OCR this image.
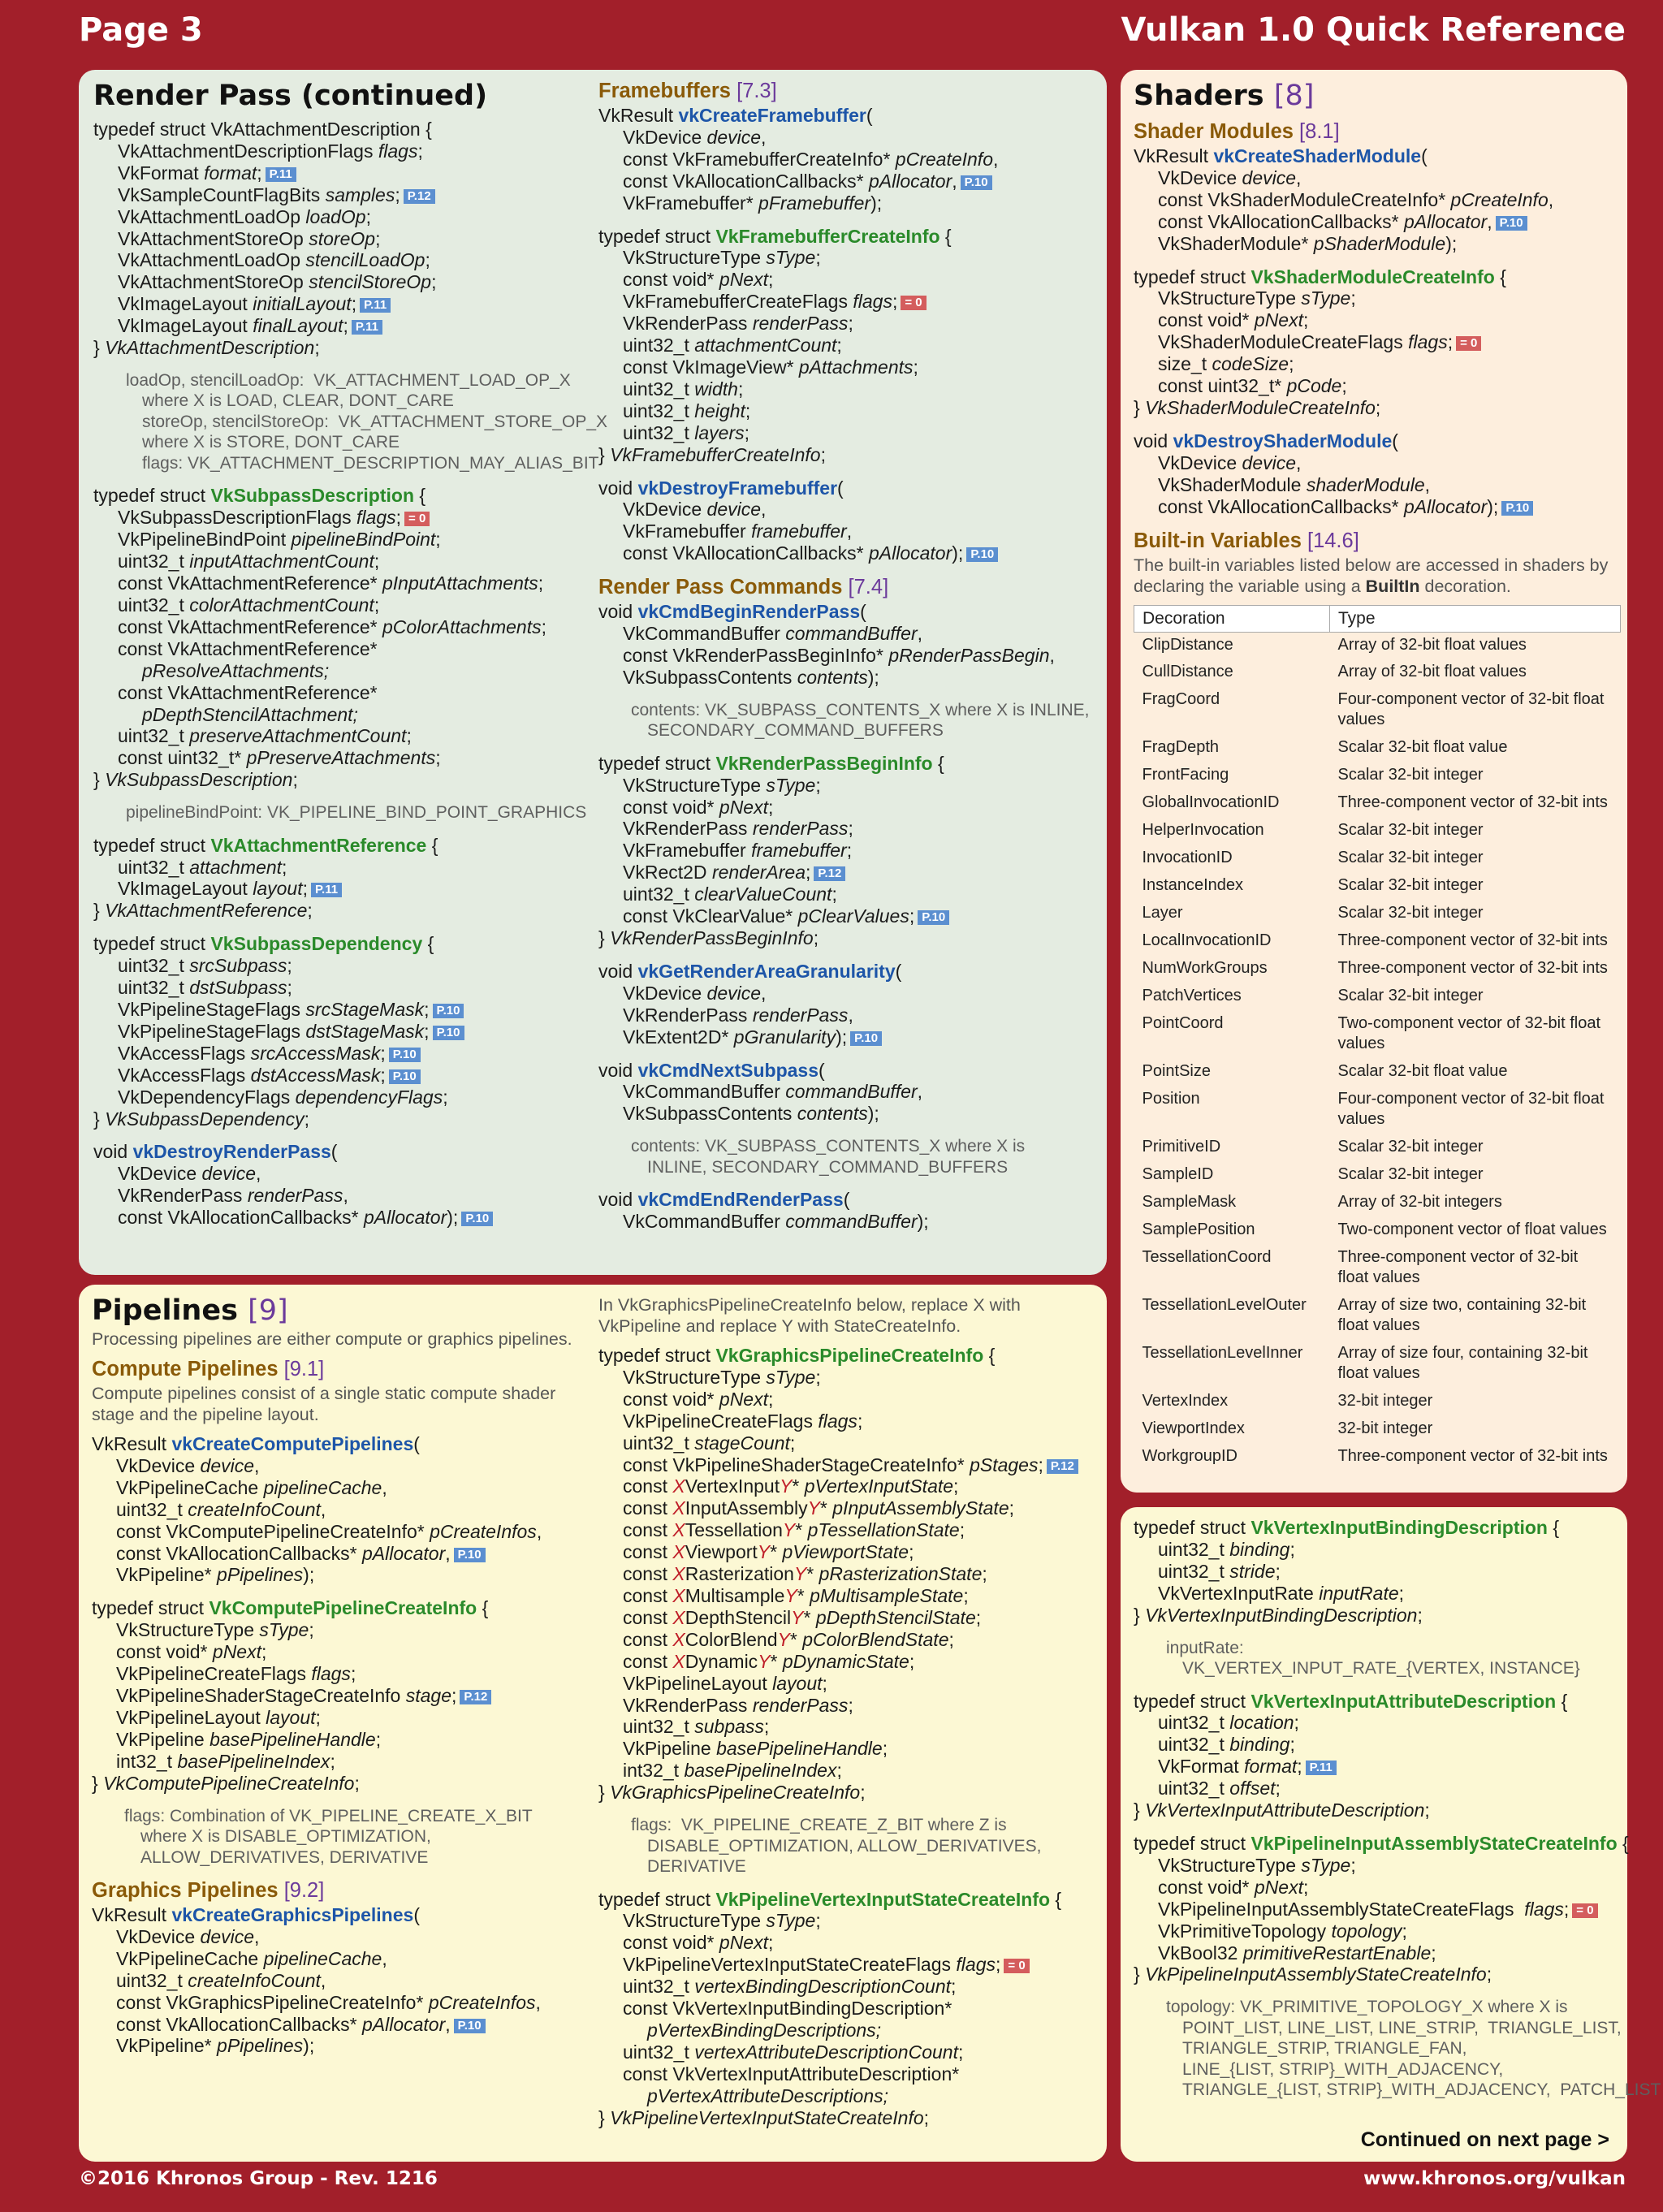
Page 3	Vulkan 1.0 Quick Reference
Render Pass (continued)
typedef struct VkAttachmentDescription {
VkAttachmentDescriptionFlags flags;
VkFormat format; P.11
VkSampleCountFlagBits samples; P.12
VkAttachmentLoadOp loadOp;
VkAttachmentStoreOp storeOp;
VkAttachmentLoadOp stencilLoadOp;
VkAttachmentStoreOp stencilStoreOp;
VkImageLayout initialLayout; P.11
VkImageLayout finalLayout; P.11
} VkAttachmentDescription;
loadOp, stencilLoadOp:  VK_ATTACHMENT_LOAD_OP_X
where X is LOAD, CLEAR, DONT_CARE
storeOp, stencilStoreOp:  VK_ATTACHMENT_STORE_OP_X
where X is STORE, DONT_CARE
flags: VK_ATTACHMENT_DESCRIPTION_MAY_ALIAS_BIT
typedef struct VkSubpassDescription {
VkSubpassDescriptionFlags flags; = 0
VkPipelineBindPoint pipelineBindPoint;
uint32_t inputAttachmentCount;
const VkAttachmentReference* pInputAttachments;
uint32_t colorAttachmentCount;
const VkAttachmentReference* pColorAttachments;
const VkAttachmentReference*
pResolveAttachments;
const VkAttachmentReference*
pDepthStencilAttachment;
uint32_t preserveAttachmentCount;
const uint32_t* pPreserveAttachments;
} VkSubpassDescription;
pipelineBindPoint: VK_PIPELINE_BIND_POINT_GRAPHICS
typedef struct VkAttachmentReference {
uint32_t attachment;
VkImageLayout layout; P.11
} VkAttachmentReference;
typedef struct VkSubpassDependency {
uint32_t srcSubpass;
uint32_t dstSubpass;
VkPipelineStageFlags srcStageMask; P.10
VkPipelineStageFlags dstStageMask; P.10
VkAccessFlags srcAccessMask; P.10
VkAccessFlags dstAccessMask; P.10
VkDependencyFlags dependencyFlags;
} VkSubpassDependency;
void vkDestroyRenderPass(
VkDevice device,
VkRenderPass renderPass,
const VkAllocationCallbacks* pAllocator); P.10
Framebuffers [7.3]
VkResult vkCreateFramebuffer(
VkDevice device,
const VkFramebufferCreateInfo* pCreateInfo,
const VkAllocationCallbacks* pAllocator, P.10
VkFramebuffer* pFramebuffer);
typedef struct VkFramebufferCreateInfo {
VkStructureType sType;
const void* pNext;
VkFramebufferCreateFlags flags; = 0
VkRenderPass renderPass;
uint32_t attachmentCount;
const VkImageView* pAttachments;
uint32_t width;
uint32_t height;
uint32_t layers;
} VkFramebufferCreateInfo;
void vkDestroyFramebuffer(
VkDevice device,
VkFramebuffer framebuffer,
const VkAllocationCallbacks* pAllocator); P.10
Render Pass Commands [7.4]
void vkCmdBeginRenderPass(
VkCommandBuffer commandBuffer,
const VkRenderPassBeginInfo* pRenderPassBegin,
VkSubpassContents contents);
contents: VK_SUBPASS_CONTENTS_X where X is INLINE,
SECONDARY_COMMAND_BUFFERS
typedef struct VkRenderPassBeginInfo {
VkStructureType sType;
const void* pNext;
VkRenderPass renderPass;
VkFramebuffer framebuffer;
VkRect2D renderArea; P.12
uint32_t clearValueCount;
const VkClearValue* pClearValues; P.10
} VkRenderPassBeginInfo;
void vkGetRenderAreaGranularity(
VkDevice device,
VkRenderPass renderPass,
VkExtent2D* pGranularity); P.10
void vkCmdNextSubpass(
VkCommandBuffer commandBuffer,
VkSubpassContents contents);
contents: VK_SUBPASS_CONTENTS_X where X is
INLINE, SECONDARY_COMMAND_BUFFERS
void vkCmdEndRenderPass(
VkCommandBuffer commandBuffer);
Shaders [8]
Shader Modules [8.1]
VkResult vkCreateShaderModule(
VkDevice device,
const VkShaderModuleCreateInfo* pCreateInfo,
const VkAllocationCallbacks* pAllocator, P.10
VkShaderModule* pShaderModule);
typedef struct VkShaderModuleCreateInfo {
VkStructureType sType;
const void* pNext;
VkShaderModuleCreateFlags flags; = 0
size_t codeSize;
const uint32_t* pCode;
} VkShaderModuleCreateInfo;
void vkDestroyShaderModule(
VkDevice device,
VkShaderModule shaderModule,
const VkAllocationCallbacks* pAllocator); P.10
Built-in Variables [14.6]
The built-in variables listed below are accessed in shaders by
declaring the variable using a BuiltIn decoration.
Decoration	Type
ClipDistance	Array of 32-bit float values
CullDistance	Array of 32-bit float values
FragCoord	Four-component vector of 32-bit float values
FragDepth	Scalar 32-bit float value
FrontFacing	Scalar 32-bit integer
GlobalInvocationID	Three-component vector of 32-bit ints
HelperInvocation	Scalar 32-bit integer
InvocationID	Scalar 32-bit integer
InstanceIndex	Scalar 32-bit integer
Layer	Scalar 32-bit integer
LocalInvocationID	Three-component vector of 32-bit ints
NumWorkGroups	Three-component vector of 32-bit ints
PatchVertices	Scalar 32-bit integer
PointCoord	Two-component vector of 32-bit float values
PointSize	Scalar 32-bit float value
Position	Four-component vector of 32-bit float values
PrimitiveID	Scalar 32-bit integer
SampleID	Scalar 32-bit integer
SampleMask	Array of 32-bit integers
SamplePosition	Two-component vector of float values
TessellationCoord	Three-component vector of 32-bit float values
TessellationLevelOuter	Array of size two, containing 32-bit float values
TessellationLevelInner	Array of size four, containing 32-bit float values
VertexIndex	32-bit integer
ViewportIndex	32-bit integer
WorkgroupID	Three-component vector of 32-bit ints
Pipelines [9]
Processing pipelines are either compute or graphics pipelines.
Compute Pipelines [9.1]
Compute pipelines consist of a single static compute shader
stage and the pipeline layout.
VkResult vkCreateComputePipelines(
VkDevice device,
VkPipelineCache pipelineCache,
uint32_t createInfoCount,
const VkComputePipelineCreateInfo* pCreateInfos,
const VkAllocationCallbacks* pAllocator, P.10
VkPipeline* pPipelines);
typedef struct VkComputePipelineCreateInfo {
VkStructureType sType;
const void* pNext;
VkPipelineCreateFlags flags;
VkPipelineShaderStageCreateInfo stage; P.12
VkPipelineLayout layout;
VkPipeline basePipelineHandle;
int32_t basePipelineIndex;
} VkComputePipelineCreateInfo;
flags: Combination of VK_PIPELINE_CREATE_X_BIT
where X is DISABLE_OPTIMIZATION,
ALLOW_DERIVATIVES, DERIVATIVE
Graphics Pipelines [9.2]
VkResult vkCreateGraphicsPipelines(
VkDevice device,
VkPipelineCache pipelineCache,
uint32_t createInfoCount,
const VkGraphicsPipelineCreateInfo* pCreateInfos,
const VkAllocationCallbacks* pAllocator, P.10
VkPipeline* pPipelines);
In VkGraphicsPipelineCreateInfo below, replace X with
VkPipeline and replace Y with StateCreateInfo.
typedef struct VkGraphicsPipelineCreateInfo {
VkStructureType sType;
const void* pNext;
VkPipelineCreateFlags flags;
uint32_t stageCount;
const VkPipelineShaderStageCreateInfo* pStages; P.12
const XVertexInputY* pVertexInputState;
const XInputAssemblyY* pInputAssemblyState;
const XTessellationY* pTessellationState;
const XViewportY* pViewportState;
const XRasterizationY* pRasterizationState;
const XMultisampleY* pMultisampleState;
const XDepthStencilY* pDepthStencilState;
const XColorBlendY* pColorBlendState;
const XDynamicY* pDynamicState;
VkPipelineLayout layout;
VkRenderPass renderPass;
uint32_t subpass;
VkPipeline basePipelineHandle;
int32_t basePipelineIndex;
} VkGraphicsPipelineCreateInfo;
flags:  VK_PIPELINE_CREATE_Z_BIT where Z is
DISABLE_OPTIMIZATION, ALLOW_DERIVATIVES,
DERIVATIVE
typedef struct VkPipelineVertexInputStateCreateInfo {
VkStructureType sType;
const void* pNext;
VkPipelineVertexInputStateCreateFlags flags; = 0
uint32_t vertexBindingDescriptionCount;
const VkVertexInputBindingDescription*
pVertexBindingDescriptions;
uint32_t vertexAttributeDescriptionCount;
const VkVertexInputAttributeDescription*
pVertexAttributeDescriptions;
} VkPipelineVertexInputStateCreateInfo;
typedef struct VkVertexInputBindingDescription {
uint32_t binding;
uint32_t stride;
VkVertexInputRate inputRate;
} VkVertexInputBindingDescription;
inputRate:
VK_VERTEX_INPUT_RATE_{VERTEX, INSTANCE}
typedef struct VkVertexInputAttributeDescription {
uint32_t location;
uint32_t binding;
VkFormat format; P.11
uint32_t offset;
} VkVertexInputAttributeDescription;
typedef struct VkPipelineInputAssemblyStateCreateInfo {
VkStructureType sType;
const void* pNext;
VkPipelineInputAssemblyStateCreateFlags  flags; = 0
VkPrimitiveTopology topology;
VkBool32 primitiveRestartEnable;
} VkPipelineInputAssemblyStateCreateInfo;
topology: VK_PRIMITIVE_TOPOLOGY_X where X is
POINT_LIST, LINE_LIST, LINE_STRIP,  TRIANGLE_LIST,
TRIANGLE_STRIP, TRIANGLE_FAN,
LINE_{LIST, STRIP}_WITH_ADJACENCY,
TRIANGLE_{LIST, STRIP}_WITH_ADJACENCY,  PATCH_LIST
Continued on next page >
©2016 Khronos Group - Rev. 1216	www.khronos.org/vulkan
